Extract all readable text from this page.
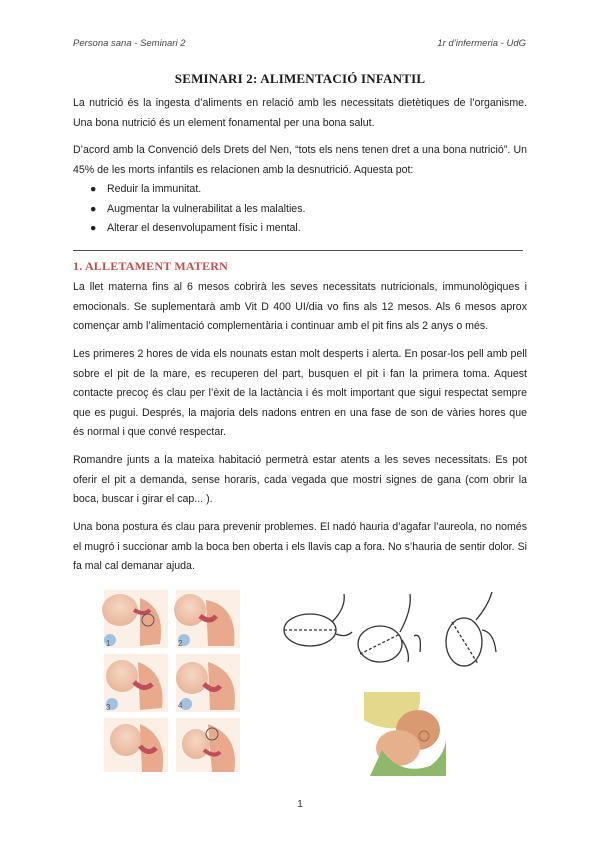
Persona sana - Seminari 2	1r d’infermeria - UdG
SEMINARI 2: ALIMENTACIÓ INFANTIL
La nutrició és la ingesta d’aliments en relació amb les necessitats dietètiques de l’organisme. Una bona nutrició és un element fonamental per una bona salut.
D’acord amb la Convenció dels Drets del Nen, “tots els nens tenen dret a una bona nutrició”. Un 45% de les morts infantils es relacionen amb la desnutrició. Aquesta pot:
● Reduir la immunitat.
● Augmentar la vulnerabilitat a les malalties.
● Alterar el desenvolupament físic i mental.
1. ALLETAMENT MATERN
La llet materna fins al 6 mesos cobrirà les seves necessitats nutricionals, immunològiques i emocionals. Se suplementarà amb Vit D 400 UI/dia vo fins als 12 mesos. Als 6 mesos aprox començar amb l’alimentació complementària i continuar amb el pit fins als 2 anys o més.
Les primeres 2 hores de vida els nounats estan molt desperts i alerta. En posar-los pell amb pell sobre el pit de la mare, es recuperen del part, busquen el pit i fan la primera toma. Aquest contacte precoç és clau per l’èxit de la lactància i és molt important que sigui respectat sempre que es pugui. Després, la majoria dels nadons entren en una fase de son de vàries hores que és normal i que convé respectar.
Romandre junts a la mateixa habitació permetrà estar atents a les seves necessitats. Es pot oferir el pit a demanda, sense horaris, cada vegada que mostri signes de gana (com obrir la boca, buscar i girar el cap... ).
Una bona postura és clau para prevenir problemes. El nadó hauria d’agafar l’aureola, no només el mugró i succionar amb la boca ben oberta i els llavis cap a fora. No s’hauria de sentir dolor. Si fa mal cal demanar ajuda.
1	2
3	4
1
